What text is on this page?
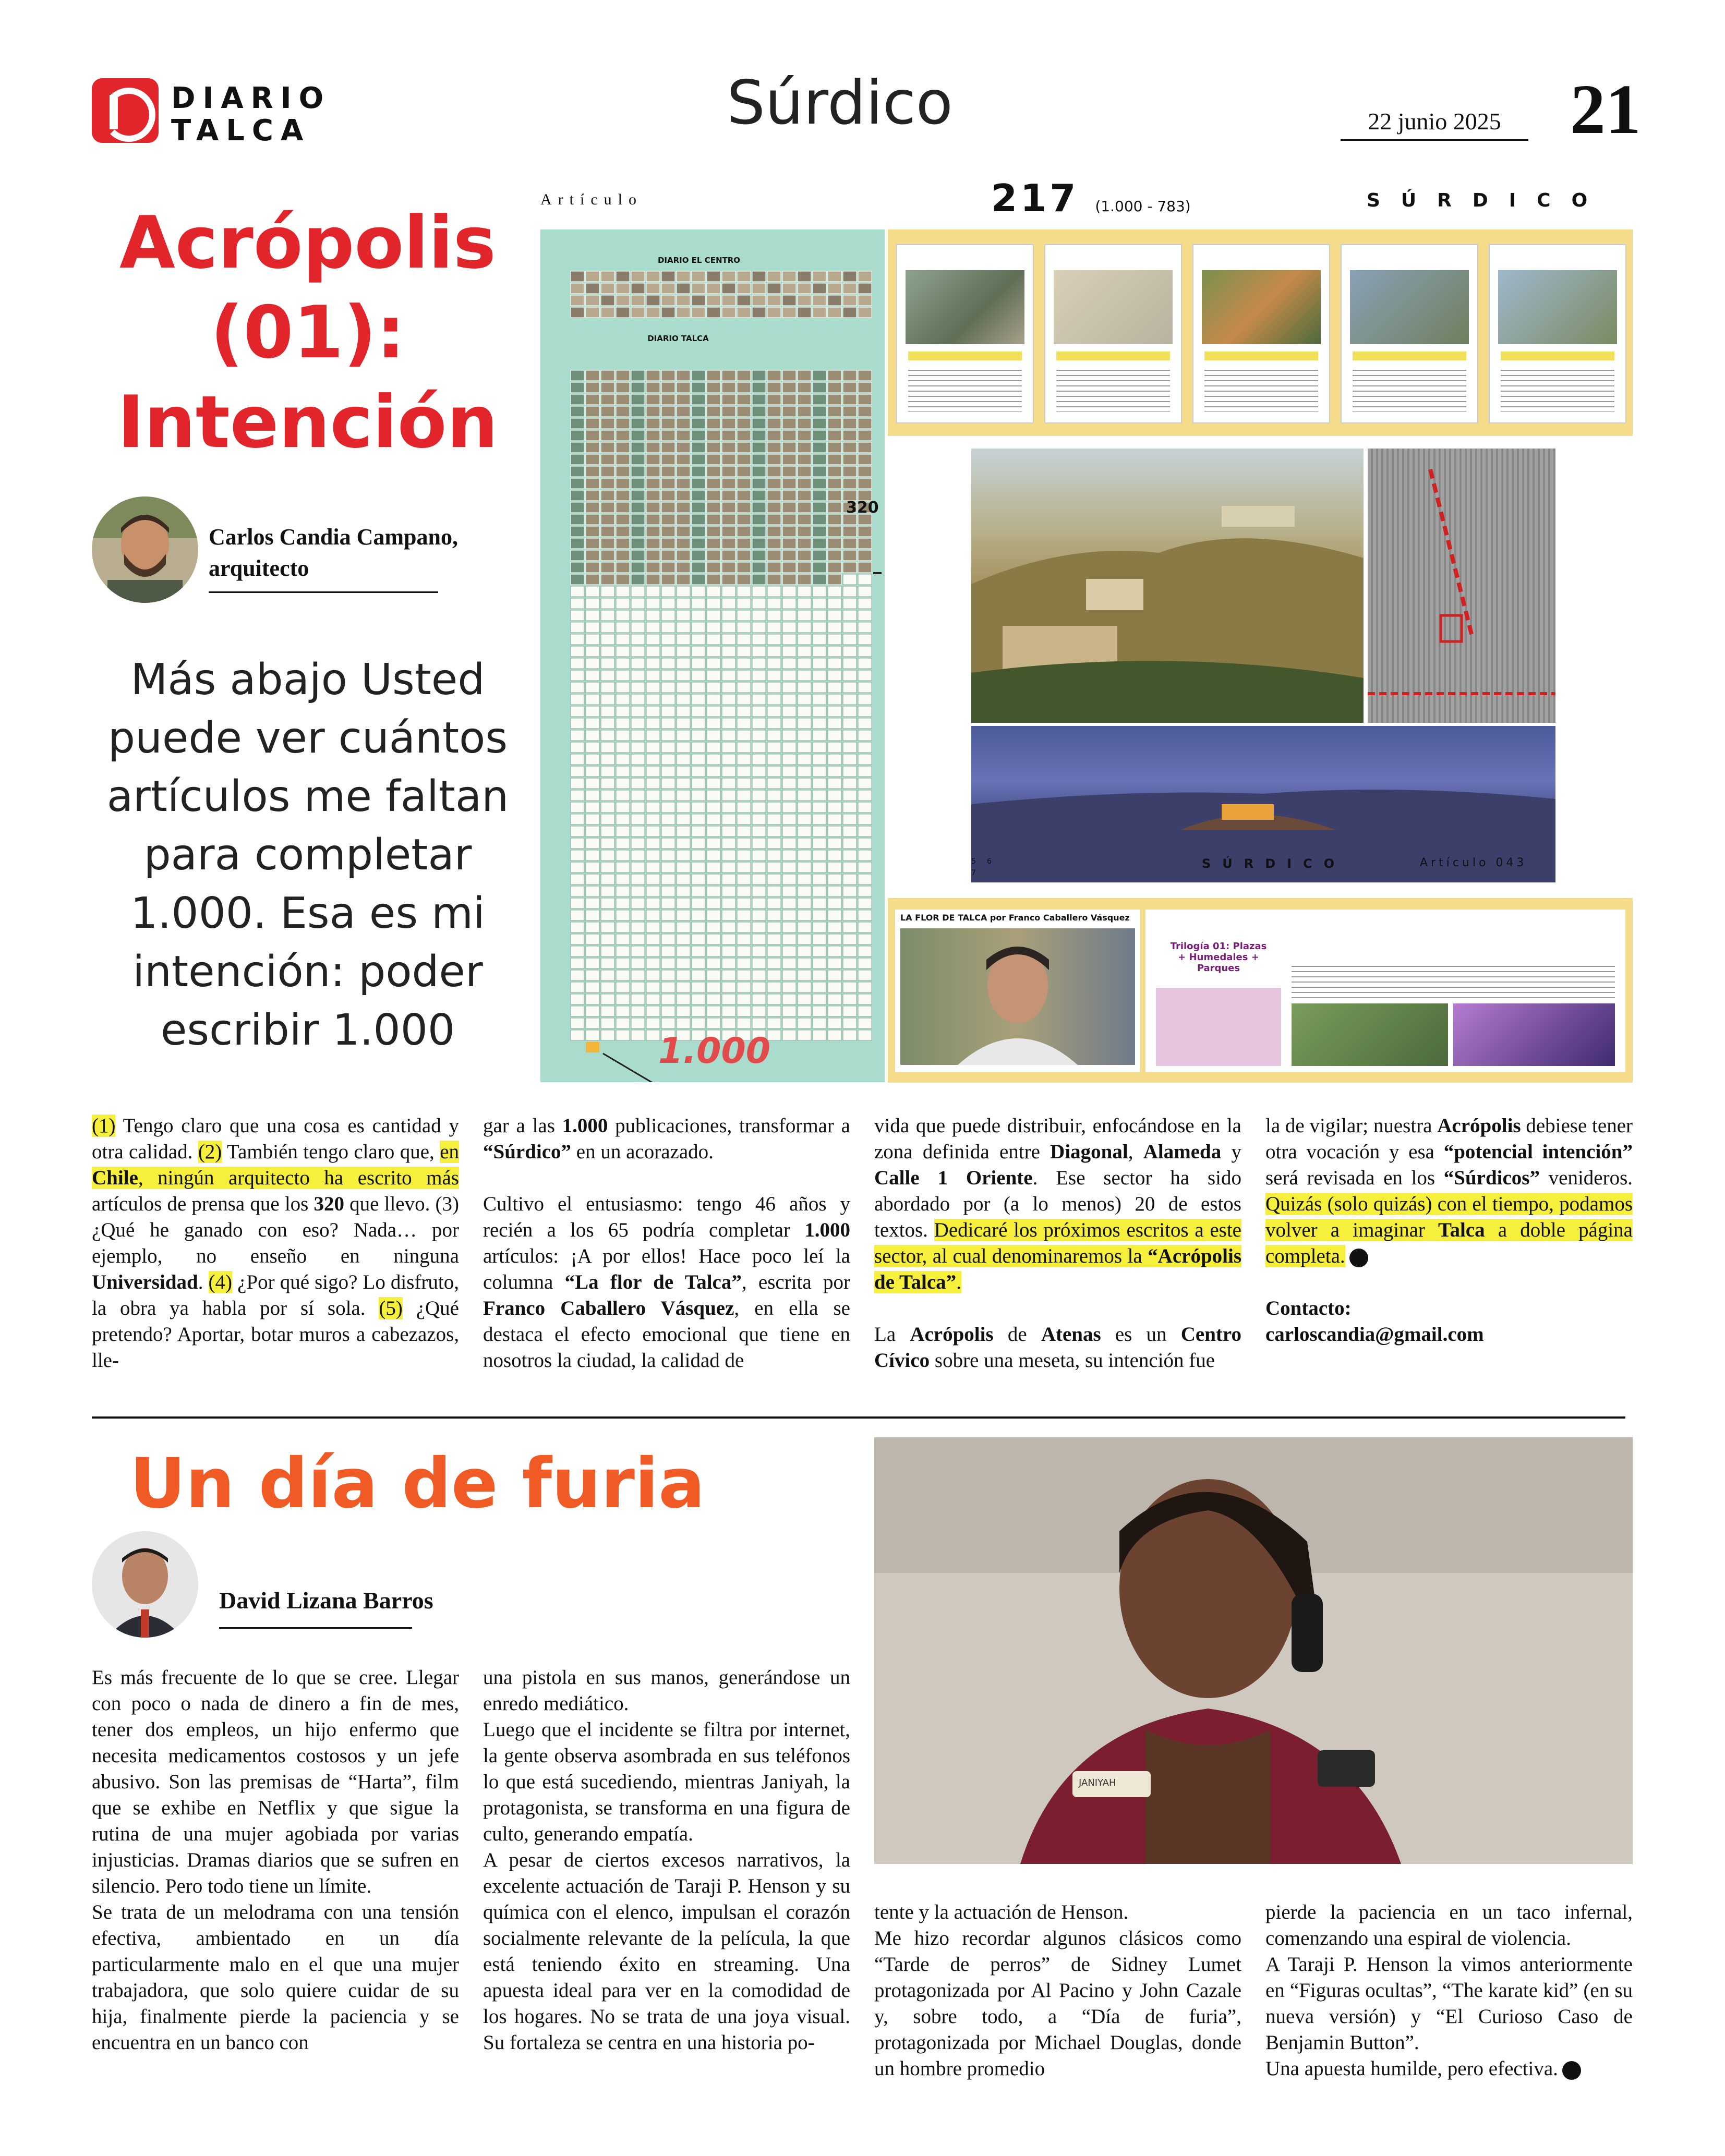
DIARIO
TALCA	Súrdico	22 junio 2025 21
Acrópolis (01): Intención
Carlos Candia Campano,
arquitecto
Más abajo Usted puede ver cuántos artículos me faltan para completar 1.000. Esa es mi intención: poder escribir 1.000
Artículo	217 (1.000 - 783)	SÚRDICO
DIARIO EL CENTRO
DIARIO TALCA
320
1.000
5 6
7
SÚRDICO	Artículo 043
LA FLOR DE TALCA por Franco Caballero Vásquez
Trilogía 01: Plazas + Humedales + Parques
(1) Tengo claro que una cosa es cantidad y otra calidad. (2) También tengo claro que, en Chile, ningún arquitecto ha escrito más artículos de prensa que los 320 que llevo. (3) ¿Qué he ganado con eso? Nada… por ejemplo, no enseño en ninguna Universidad. (4) ¿Por qué sigo? Lo disfruto, la obra ya habla por sí sola. (5) ¿Qué pretendo? Aportar, botar muros a cabezazos, lle-

gar a las 1.000 publicaciones, transformar a “Súrdico” en un acorazado.

Cultivo el entusiasmo: tengo 46 años y recién a los 65 podría completar 1.000 artículos: ¡A por ellos! Hace poco leí la columna “La flor de Talca”, escrita por Franco Caballero Vásquez, en ella se destaca el efecto emocional que tiene en nosotros la ciudad, la calidad de

vida que puede distribuir, enfocándose en la zona definida entre Diagonal, Alameda y Calle 1 Oriente. Ese sector ha sido abordado por (a lo menos) 20 de estos textos. Dedicaré los próximos escritos a este sector, al cual denominaremos la “Acrópolis de Talca”.

La Acrópolis de Atenas es un Centro Cívico sobre una meseta, su intención fue

la de vigilar; nuestra Acrópolis debiese tener otra vocación y esa “potencial intención” será revisada en los “Súrdicos” venideros. Quizás (solo quizás) con el tiempo, podamos volver a imaginar Talca a doble página completa.

Contacto:
carloscandia@gmail.com
Un día de furia
David Lizana Barros
JANIYAH
Es más frecuente de lo que se cree. Llegar con poco o nada de dinero a fin de mes, tener dos empleos, un hijo enfermo que necesita medicamentos costosos y un jefe abusivo. Son las premisas de “Harta”, film que se exhibe en Netflix y que sigue la rutina de una mujer agobiada por varias injusticias. Dramas diarios que se sufren en silencio. Pero todo tiene un límite.
Se trata de un melodrama con una tensión efectiva, ambientado en un día particularmente malo en el que una mujer trabajadora, que solo quiere cuidar de su hija, finalmente pierde la paciencia y se encuentra en un banco con
una pistola en sus manos, generándose un enredo mediático.
Luego que el incidente se filtra por internet, la gente observa asombrada en sus teléfonos lo que está sucediendo, mientras Janiyah, la protagonista, se transforma en una figura de culto, generando empatía.
A pesar de ciertos excesos narrativos, la excelente actuación de Taraji P. Henson y su química con el elenco, impulsan el corazón socialmente relevante de la película, la que está teniendo éxito en streaming. Una apuesta ideal para ver en la comodidad de los hogares. No se trata de una joya visual. Su fortaleza se centra en una historia po-
tente y la actuación de Henson.
Me hizo recordar algunos clásicos como “Tarde de perros” de Sidney Lumet protagonizada por Al Pacino y John Cazale y, sobre todo, a “Día de furia”, protagonizada por Michael Douglas, donde un hombre promedio
pierde la paciencia en un taco infernal, comenzando una espiral de violencia.
A Taraji P. Henson la vimos anteriormente en “Figuras ocultas”, “The karate kid” (en su nueva versión) y “El Curioso Caso de Benjamin Button”.
Una apuesta humilde, pero efectiva.
